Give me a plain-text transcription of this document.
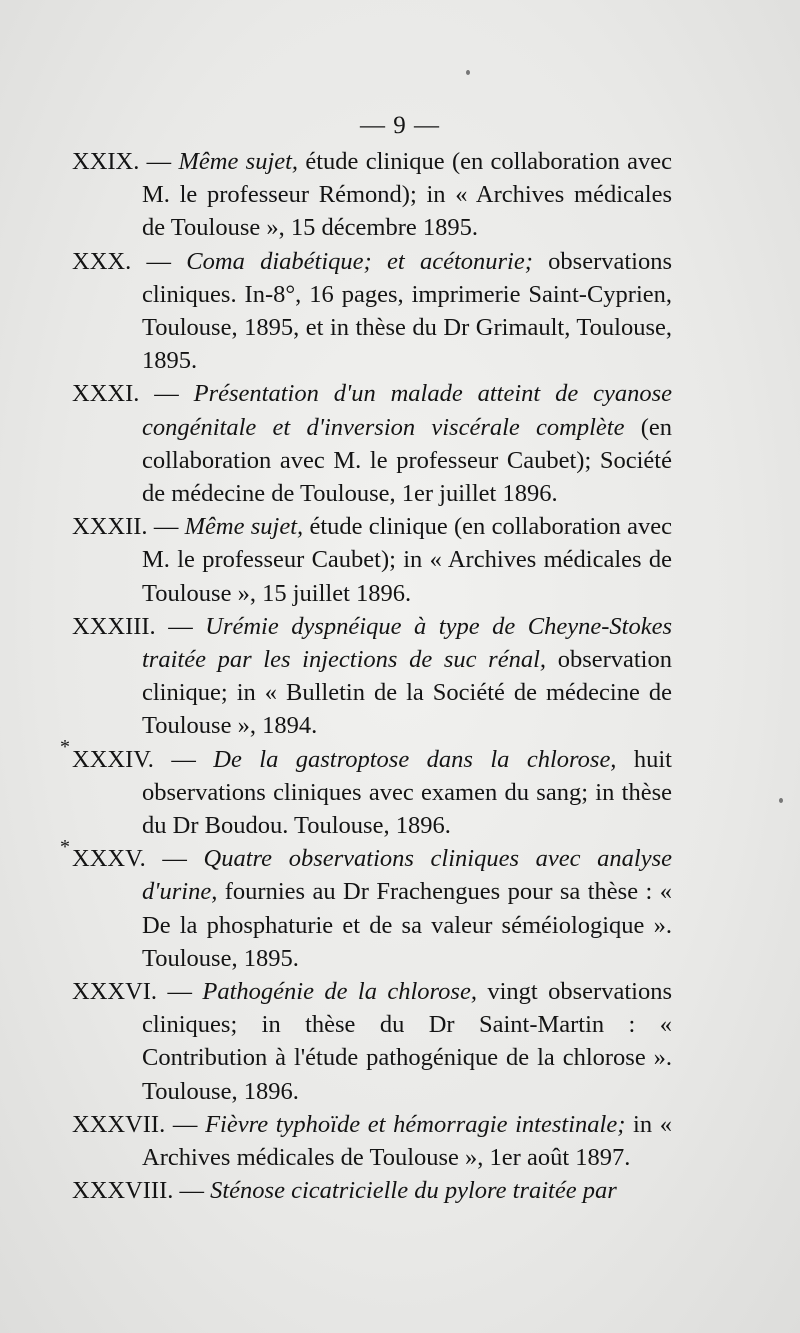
— 9 —
*
*
XXIX. — Même sujet, étude clinique (en collaboration avec M. le professeur Rémond); in « Archives médicales de Toulouse », 15 décembre 1895.
XXX. — Coma diabétique; et acétonurie; observations cliniques. In-8°, 16 pages, imprimerie Saint-Cyprien, Toulouse, 1895, et in thèse du Dr Grimault, Toulouse, 1895.
XXXI. — Présentation d'un malade atteint de cyanose congénitale et d'inversion viscérale complète (en collaboration avec M. le professeur Caubet); Société de médecine de Toulouse, 1er juillet 1896.
XXXII. — Même sujet, étude clinique (en collaboration avec M. le professeur Caubet); in « Archives médicales de Toulouse », 15 juillet 1896.
XXXIII. — Urémie dyspnéique à type de Cheyne-Stokes traitée par les injections de suc rénal, observation clinique; in « Bulletin de la Société de médecine de Toulouse », 1894.
XXXIV. — De la gastroptose dans la chlorose, huit observations cliniques avec examen du sang; in thèse du Dr Boudou. Toulouse, 1896.
XXXV. — Quatre observations cliniques avec analyse d'urine, fournies au Dr Frachengues pour sa thèse : « De la phosphaturie et de sa valeur séméiologique ». Toulouse, 1895.
XXXVI. — Pathogénie de la chlorose, vingt observations cliniques; in thèse du Dr Saint-Martin : « Contribution à l'étude pathogénique de la chlorose ». Toulouse, 1896.
XXXVII. — Fièvre typhoïde et hémorragie intestinale; in « Archives médicales de Toulouse », 1er août 1897.
XXXVIII. — Sténose cicatricielle du pylore traitée par
